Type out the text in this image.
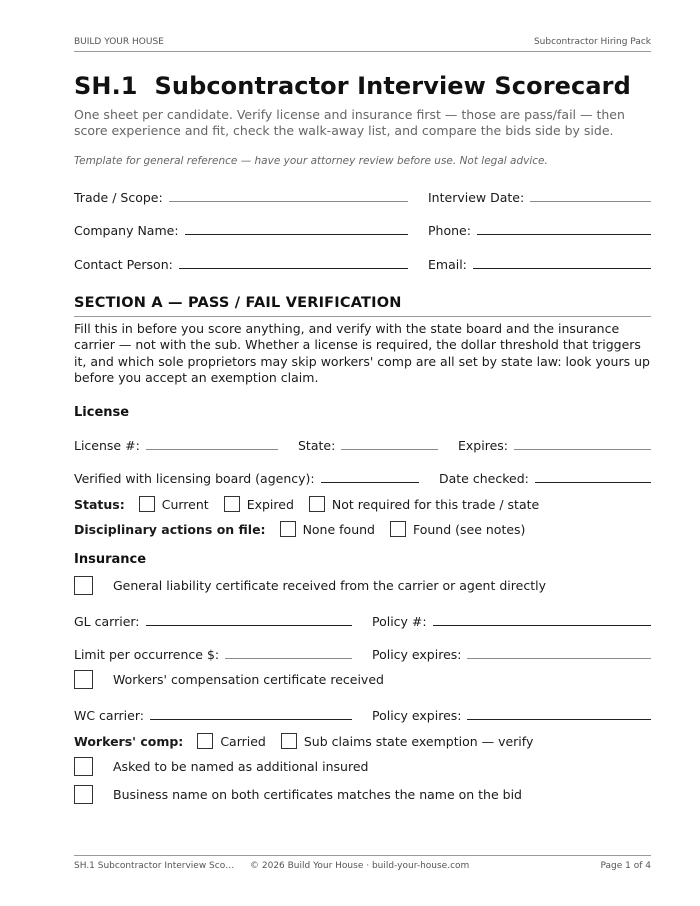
BUILD YOUR HOUSE	Subcontractor Hiring Pack
SH.1  Subcontractor Interview Scorecard
One sheet per candidate. Verify license and insurance first — those are pass/fail — then score experience and fit, check the walk-away list, and compare the bids side by side.
Template for general reference — have your attorney review before use. Not legal advice.
Trade / Scope:	Interview Date:
Company Name:	Phone:
Contact Person:	Email:
SECTION A — PASS / FAIL VERIFICATION
Fill this in before you score anything, and verify with the state board and the insurance carrier — not with the sub. Whether a license is required, the dollar threshold that triggers it, and which sole proprietors may skip workers' comp are all set by state law: look yours up before you accept an exemption claim.
License
License #:	State:	Expires:
Verified with licensing board (agency):	Date checked:
Status:	Current	Expired	Not required for this trade / state
Disciplinary actions on file:	None found	Found (see notes)
Insurance
General liability certificate received from the carrier or agent directly
GL carrier:	Policy #:
Limit per occurrence $:	Policy expires:
Workers' compensation certificate received
WC carrier:	Policy expires:
Workers' comp:	Carried	Sub claims state exemption — verify
Asked to be named as additional insured
Business name on both certificates matches the name on the bid
SH.1 Subcontractor Interview Sco… © 2026 Build Your House · build-your-house.com	Page 1 of 4
